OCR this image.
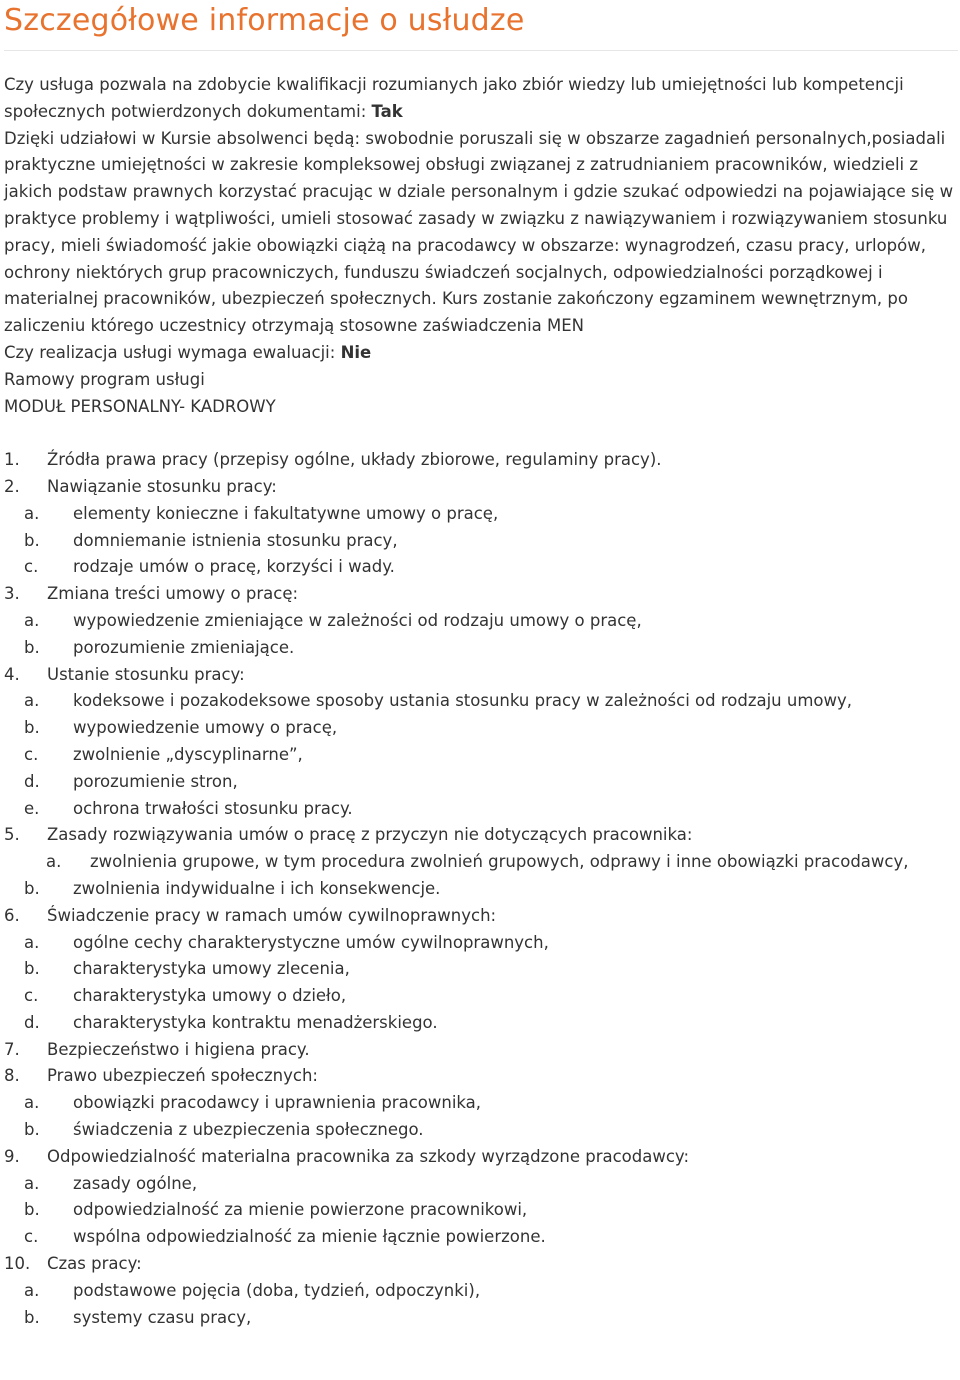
Szczegółowe informacje o usłudze

Czy usługa pozwala na zdobycie kwalifikacji rozumianych jako zbiór wiedzy lub umiejętności lub kompetencji społecznych potwierdzonych dokumentami: Tak

Dzięki udziałowi w Kursie absolwenci będą: swobodnie poruszali się w obszarze zagadnień personalnych,posiadali praktyczne umiejętności w zakresie kompleksowej obsługi związanej z zatrudnianiem pracowników, wiedzieli z jakich podstaw prawnych korzystać pracując w dziale personalnym i gdzie szukać odpowiedzi na pojawiające się w praktyce problemy i wątpliwości, umieli stosować zasady w związku z nawiązywaniem i rozwiązywaniem stosunku pracy, mieli świadomość jakie obowiązki ciążą na pracodawcy w obszarze: wynagrodzeń, czasu pracy, urlopów, ochrony niektórych grup pracowniczych, funduszu świadczeń socjalnych, odpowiedzialności porządkowej i materialnej pracowników, ubezpieczeń społecznych. Kurs zostanie zakończony egzaminem wewnętrznym, po zaliczeniu którego uczestnicy otrzymają stosowne zaświadczenia MEN

Czy realizacja usługi wymaga ewaluacji: Nie

Ramowy program usługi

MODUŁ PERSONALNY- KADROWY

1. Źródła prawa pracy (przepisy ogólne, układy zbiorowe, regulaminy pracy).
2. Nawiązanie stosunku pracy:
a. elementy konieczne i fakultatywne umowy o pracę,
b. domniemanie istnienia stosunku pracy,
c. rodzaje umów o pracę, korzyści i wady.
3. Zmiana treści umowy o pracę:
a. wypowiedzenie zmieniające w zależności od rodzaju umowy o pracę,
b. porozumienie zmieniające.
4. Ustanie stosunku pracy:
a. kodeksowe i pozakodeksowe sposoby ustania stosunku pracy w zależności od rodzaju umowy,
b. wypowiedzenie umowy o pracę,
c. zwolnienie „dyscyplinarne”,
d. porozumienie stron,
e. ochrona trwałości stosunku pracy.
5. Zasady rozwiązywania umów o pracę z przyczyn nie dotyczących pracownika:

a. zwolnienia grupowe, w tym procedura zwolnień grupowych, odprawy i inne obowiązki pracodawcy,

b. zwolnienia indywidualne i ich konsekwencje.
6. Świadczenie pracy w ramach umów cywilnoprawnych:
a. ogólne cechy charakterystyczne umów cywilnoprawnych,
b. charakterystyka umowy zlecenia,
c. charakterystyka umowy o dzieło,
d. charakterystyka kontraktu menadżerskiego.
7. Bezpieczeństwo i higiena pracy.
8. Prawo ubezpieczeń społecznych:
a. obowiązki pracodawcy i uprawnienia pracownika,
b. świadczenia z ubezpieczenia społecznego.
9. Odpowiedzialność materialna pracownika za szkody wyrządzone pracodawcy:
a. zasady ogólne,
b. odpowiedzialność za mienie powierzone pracownikowi,
c. wspólna odpowiedzialność za mienie łącznie powierzone.
10. Czas pracy:
a. podstawowe pojęcia (doba, tydzień, odpoczynki),
b. systemy czasu pracy,
